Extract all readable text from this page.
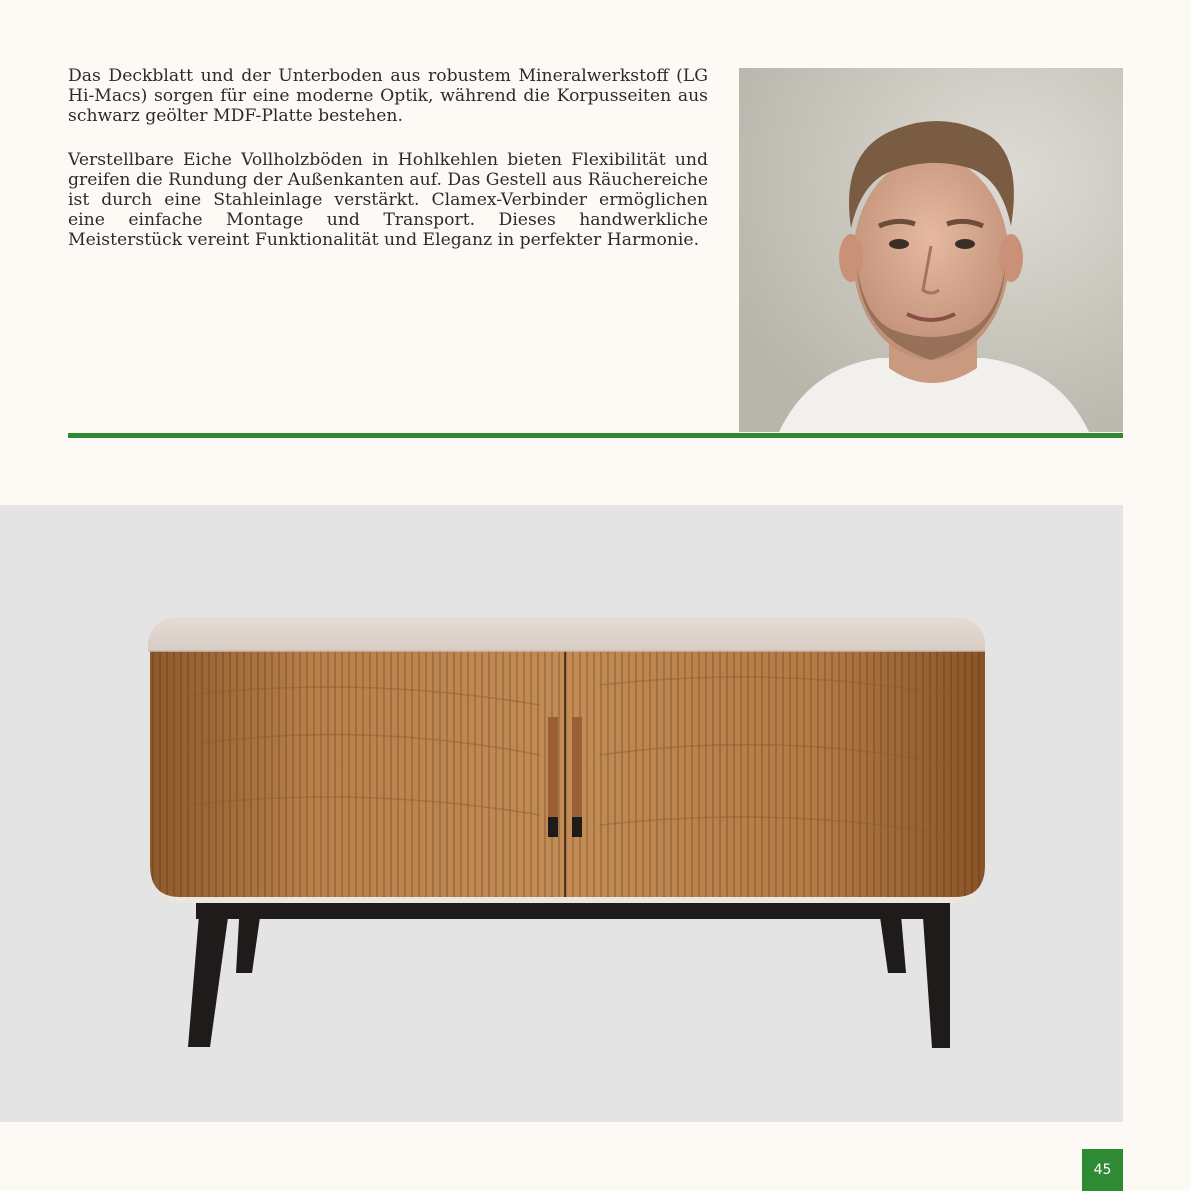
Das Deckblatt und der Unterboden aus robustem Mineralwerkstoff (LG Hi-Macs) sorgen für eine moderne Optik, während die Korpusseiten aus schwarz geölter MDF-Platte bestehen.

Verstellbare Eiche Vollholzböden in Hohlkehlen bieten Flexibilität und greifen die Rundung der Außenkanten auf. Das Gestell aus Räuchereiche ist durch eine Stahleinlage verstärkt. Clamex-Verbinder ermöglichen eine einfache Montage und Transport. Dieses handwerkliche Meisterstück vereint Funktionalität und Eleganz in perfekter Harmonie.

45
